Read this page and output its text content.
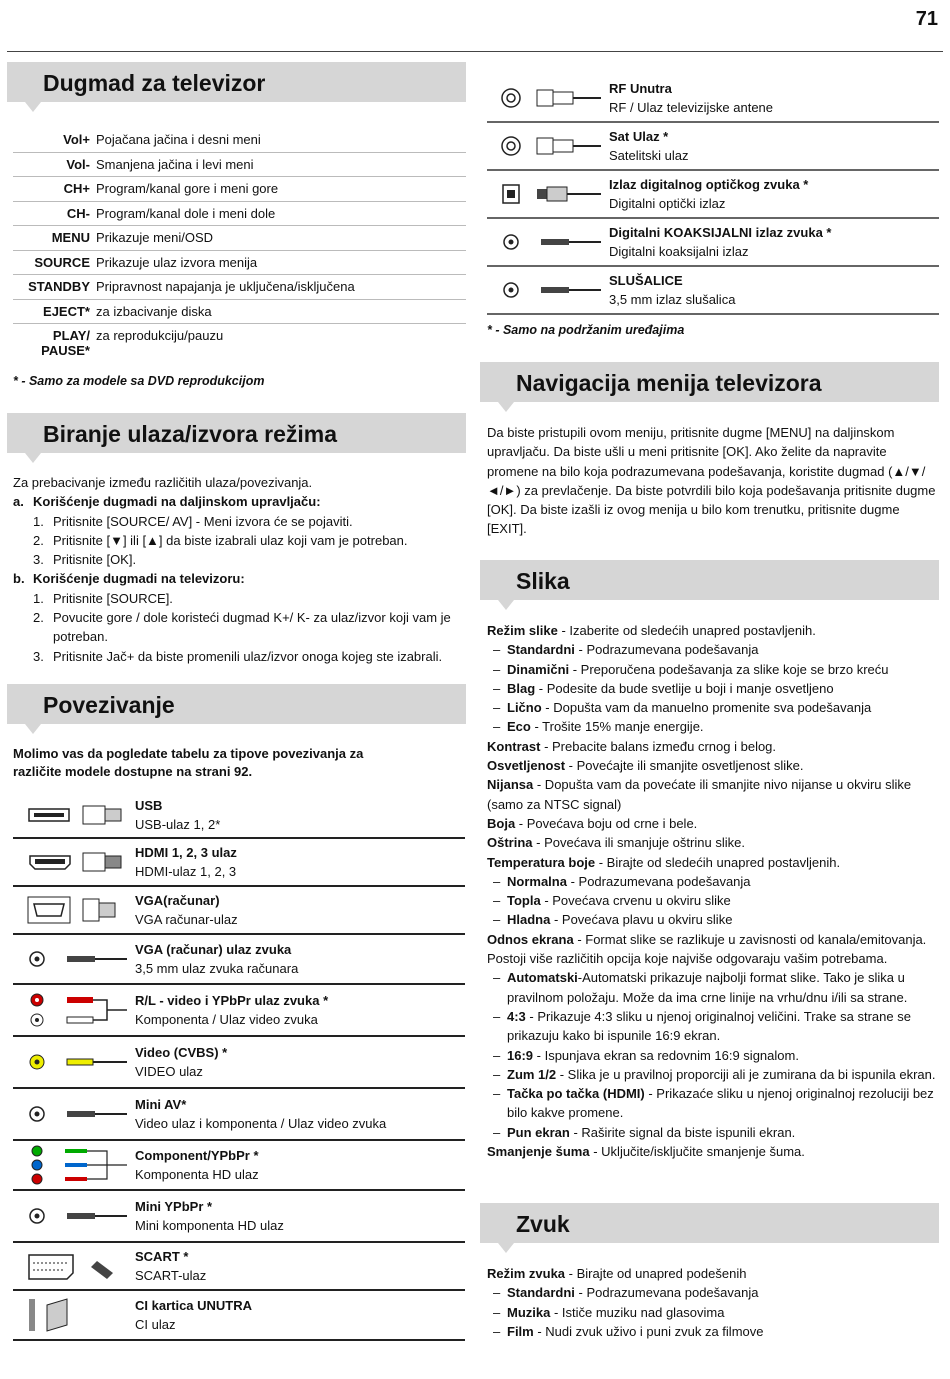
71
Dugmad za televizor
Vol+ Pojačana jačina i desni meni
Vol- Smanjena jačina i levi meni
CH+ Program/kanal gore i meni gore
CH- Program/kanal dole i meni dole
MENU Prikazuje meni/OSD
SOURCE Prikazuje ulaz izvora menija
STANDBY Pripravnost napajanja je uključena/isključena
EJECT* za izbacivanje diska
PLAY/ PAUSE*
za reprodukciju/pauzu
* - Samo za modele sa DVD reprodukcijom
Biranje ulaza/izvora režima
Za prebacivanje između različitih ulaza/povezivanja.
a. Korišćenje dugmadi na daljinskom upravljaču:
1. Pritisnite [SOURCE/ AV] - Meni izvora će se pojaviti.
2. Pritisnite [▼] ili [▲] da biste izabrali ulaz koji vam je potreban.
3. Pritisnite [OK].
b. Korišćenje dugmadi na televizoru:
1. Pritisnite [SOURCE].
2. Povucite gore / dole koristeći dugmad K+/ K- za ulaz/izvor koji vam je potreban.
3. Pritisnite Jač+ da biste promenili ulaz/izvor onoga kojeg ste izabrali.
Povezivanje
Molimo vas da pogledate tabelu za tipove povezivanja za različite modele dostupne na strani 92.
USB
USB-ulaz 1, 2*
HDMI 1, 2, 3 ulaz
HDMI-ulaz 1, 2, 3
VGA(računar)
VGA računar-ulaz
VGA (računar) ulaz zvuka
3,5 mm ulaz zvuka računara
R/L - video i YPbPr ulaz zvuka *
Komponenta / Ulaz video zvuka
Video (CVBS) *
VIDEO ulaz
Mini AV*
Video ulaz i komponenta / Ulaz video zvuka
Component/YPbPr *
Komponenta HD ulaz
Mini YPbPr *
Mini komponenta HD ulaz
SCART *
SCART-ulaz
CI kartica UNUTRA
CI ulaz
RF Unutra
RF / Ulaz televizijske antene
Sat Ulaz *
Satelitski ulaz
Izlaz digitalnog optičkog zvuka *
Digitalni optički izlaz
Digitalni KOAKSIJALNI izlaz zvuka *
Digitalni koaksijalni izlaz
SLUŠALICE
3,5 mm izlaz slušalica
* - Samo na podržanim uređajima
Navigacija menija televizora
Da biste pristupili ovom meniju, pritisnite dugme [MENU] na daljinskom upravljaču. Da biste ušli u meni pritisnite [OK]. Ako želite da napravite promene na bilo koja podrazumevana podešavanja, koristite dugmad (▲/▼/◄/►) za prevlačenje. Da biste potvrdili bilo koja podešavanja pritisnite dugme [OK]. Da biste izašli iz ovog menija u bilo kom trenutku, pritisnite dugme [EXIT].
Slika
Režim slike - Izaberite od sledećih unapred postavljenih.
– Standardni - Podrazumevana podešavanja
– Dinamični - Preporučena podešavanja za slike koje se brzo kreću
– Blag - Podesite da bude svetlije u boji i manje osvetljeno
– Lično - Dopušta vam da manuelno promenite sva podešavanja
– Eco - Trošite 15% manje energije.
Kontrast - Prebacite balans između crnog i belog.
Osvetljenost - Povećajte ili smanjite osvetljenost slike.
Nijansa - Dopušta vam da povećate ili smanjite nivo nijanse u okviru slike (samo za NTSC signal)
Boja - Povećava boju od crne i bele.
Oštrina - Povećava ili smanjuje oštrinu slike.
Temperatura boje - Birajte od sledećih unapred postavljenih.
– Normalna - Podrazumevana podešavanja
– Topla - Povećava crvenu u okviru slike
– Hladna - Povećava plavu u okviru slike
Odnos ekrana - Format slike se razlikuje u zavisnosti od kanala/emitovanja. Postoji više različitih opcija koje najviše odgovaraju vašim potrebama.
– Automatski-Automatski prikazuje najbolji format slike. Tako je slika u pravilnom položaju. Može da ima crne linije na vrhu/dnu i/ili sa strane.
– 4:3 - Prikazuje 4:3 sliku u njenoj originalnoj veličini. Trake sa strane se prikazuju kako bi ispunile 16:9 ekran.
– 16:9 - Ispunjava ekran sa redovnim 16:9 signalom.
– Zum 1/2 - Slika je u pravilnoj proporciji ali je zumirana da bi ispunila ekran.
– Tačka po tačka (HDMI) - Prikazaće sliku u njenoj originalnoj rezoluciji bez bilo kakve promene.
– Pun ekran - Raširite signal da biste ispunili ekran.
Smanjenje šuma - Uključite/isključite smanjenje šuma.
Zvuk
Režim zvuka - Birajte od unapred podešenih
– Standardni - Podrazumevana podešavanja
– Muzika - Ističe muziku nad glasovima
– Film - Nudi zvuk uživo i puni zvuk za filmove
